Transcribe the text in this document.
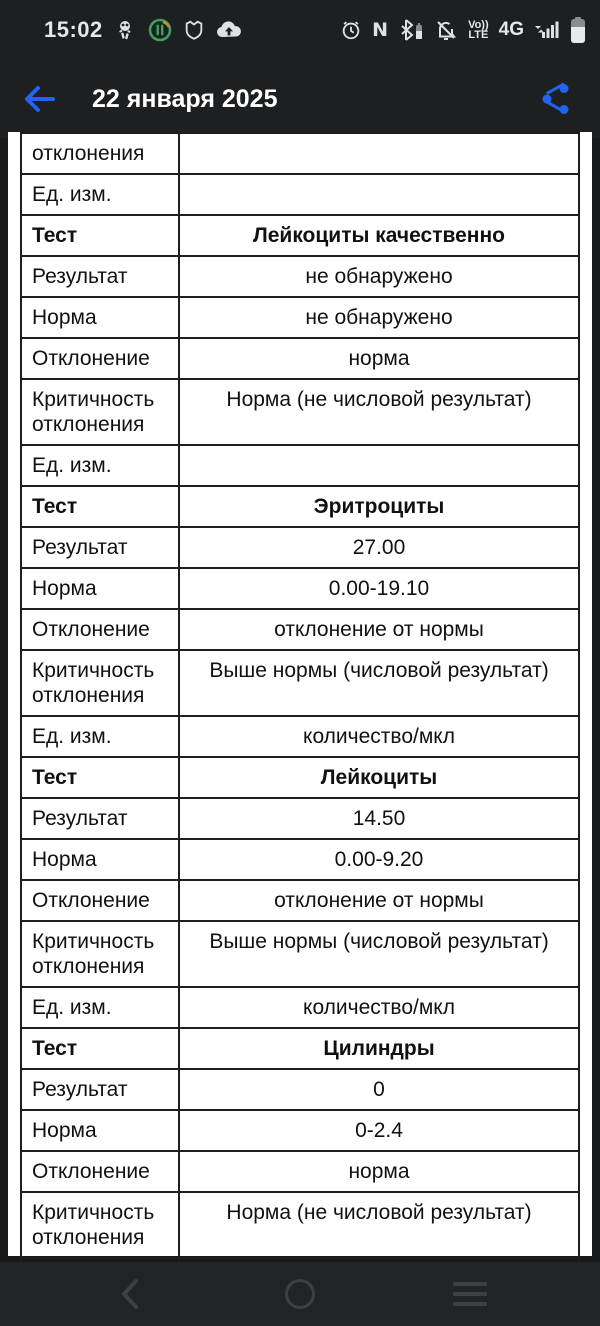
15:02	N	Vo))
LTE 4G
22 января 2025
отклонения	
Ед. изм.	
Тест	Лейкоциты качественно
Результат	не обнаружено
Норма	не обнаружено
Отклонение	норма
Критичность отклонения	Норма (не числовой результат)
Ед. изм.	
Тест	Эритроциты
Результат	27.00
Норма	0.00-19.10
Отклонение	отклонение от нормы
Критичность отклонения	Выше нормы (числовой результат)
Ед. изм.	количество/мкл
Тест	Лейкоциты
Результат	14.50
Норма	0.00-9.20
Отклонение	отклонение от нормы
Критичность отклонения	Выше нормы (числовой результат)
Ед. изм.	количество/мкл
Тест	Цилиндры
Результат	0
Норма	0-2.4
Отклонение	норма
Критичность отклонения	Норма (не числовой результат)
